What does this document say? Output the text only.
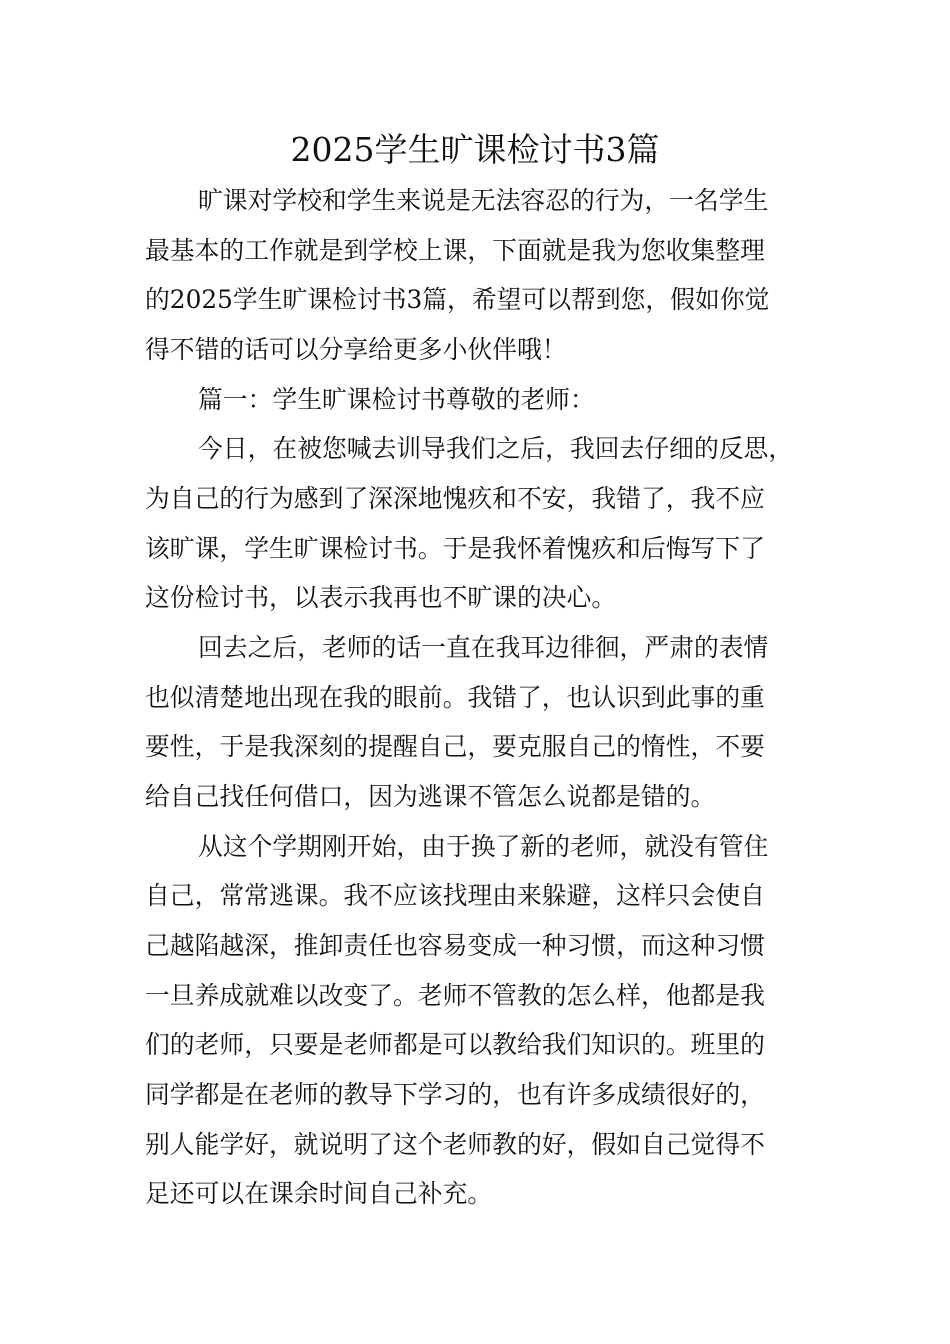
2025学生旷课检讨书3篇
旷课对学校和学生来说是无法容忍的行为，一名学生
最基本的工作就是到学校上课，下面就是我为您收集整理
的2025学生旷课检讨书3篇，希望可以帮到您，假如你觉
得不错的话可以分享给更多小伙伴哦！
篇一：学生旷课检讨书尊敬的老师：
今日，在被您喊去训导我们之后，我回去仔细的反思，
为自己的行为感到了深深地愧疚和不安，我错了，我不应
该旷课，学生旷课检讨书。于是我怀着愧疚和后悔写下了
这份检讨书，以表示我再也不旷课的决心。
回去之后，老师的话一直在我耳边徘徊，严肃的表情
也似清楚地出现在我的眼前。我错了，也认识到此事的重
要性，于是我深刻的提醒自己，要克服自己的惰性，不要
给自己找任何借口，因为逃课不管怎么说都是错的。
从这个学期刚开始，由于换了新的老师，就没有管住
自己，常常逃课。我不应该找理由来躲避，这样只会使自
己越陷越深，推卸责任也容易变成一种习惯，而这种习惯
一旦养成就难以改变了。老师不管教的怎么样，他都是我
们的老师，只要是老师都是可以教给我们知识的。班里的
同学都是在老师的教导下学习的，也有许多成绩很好的，
别人能学好，就说明了这个老师教的好，假如自己觉得不
足还可以在课余时间自己补充。
